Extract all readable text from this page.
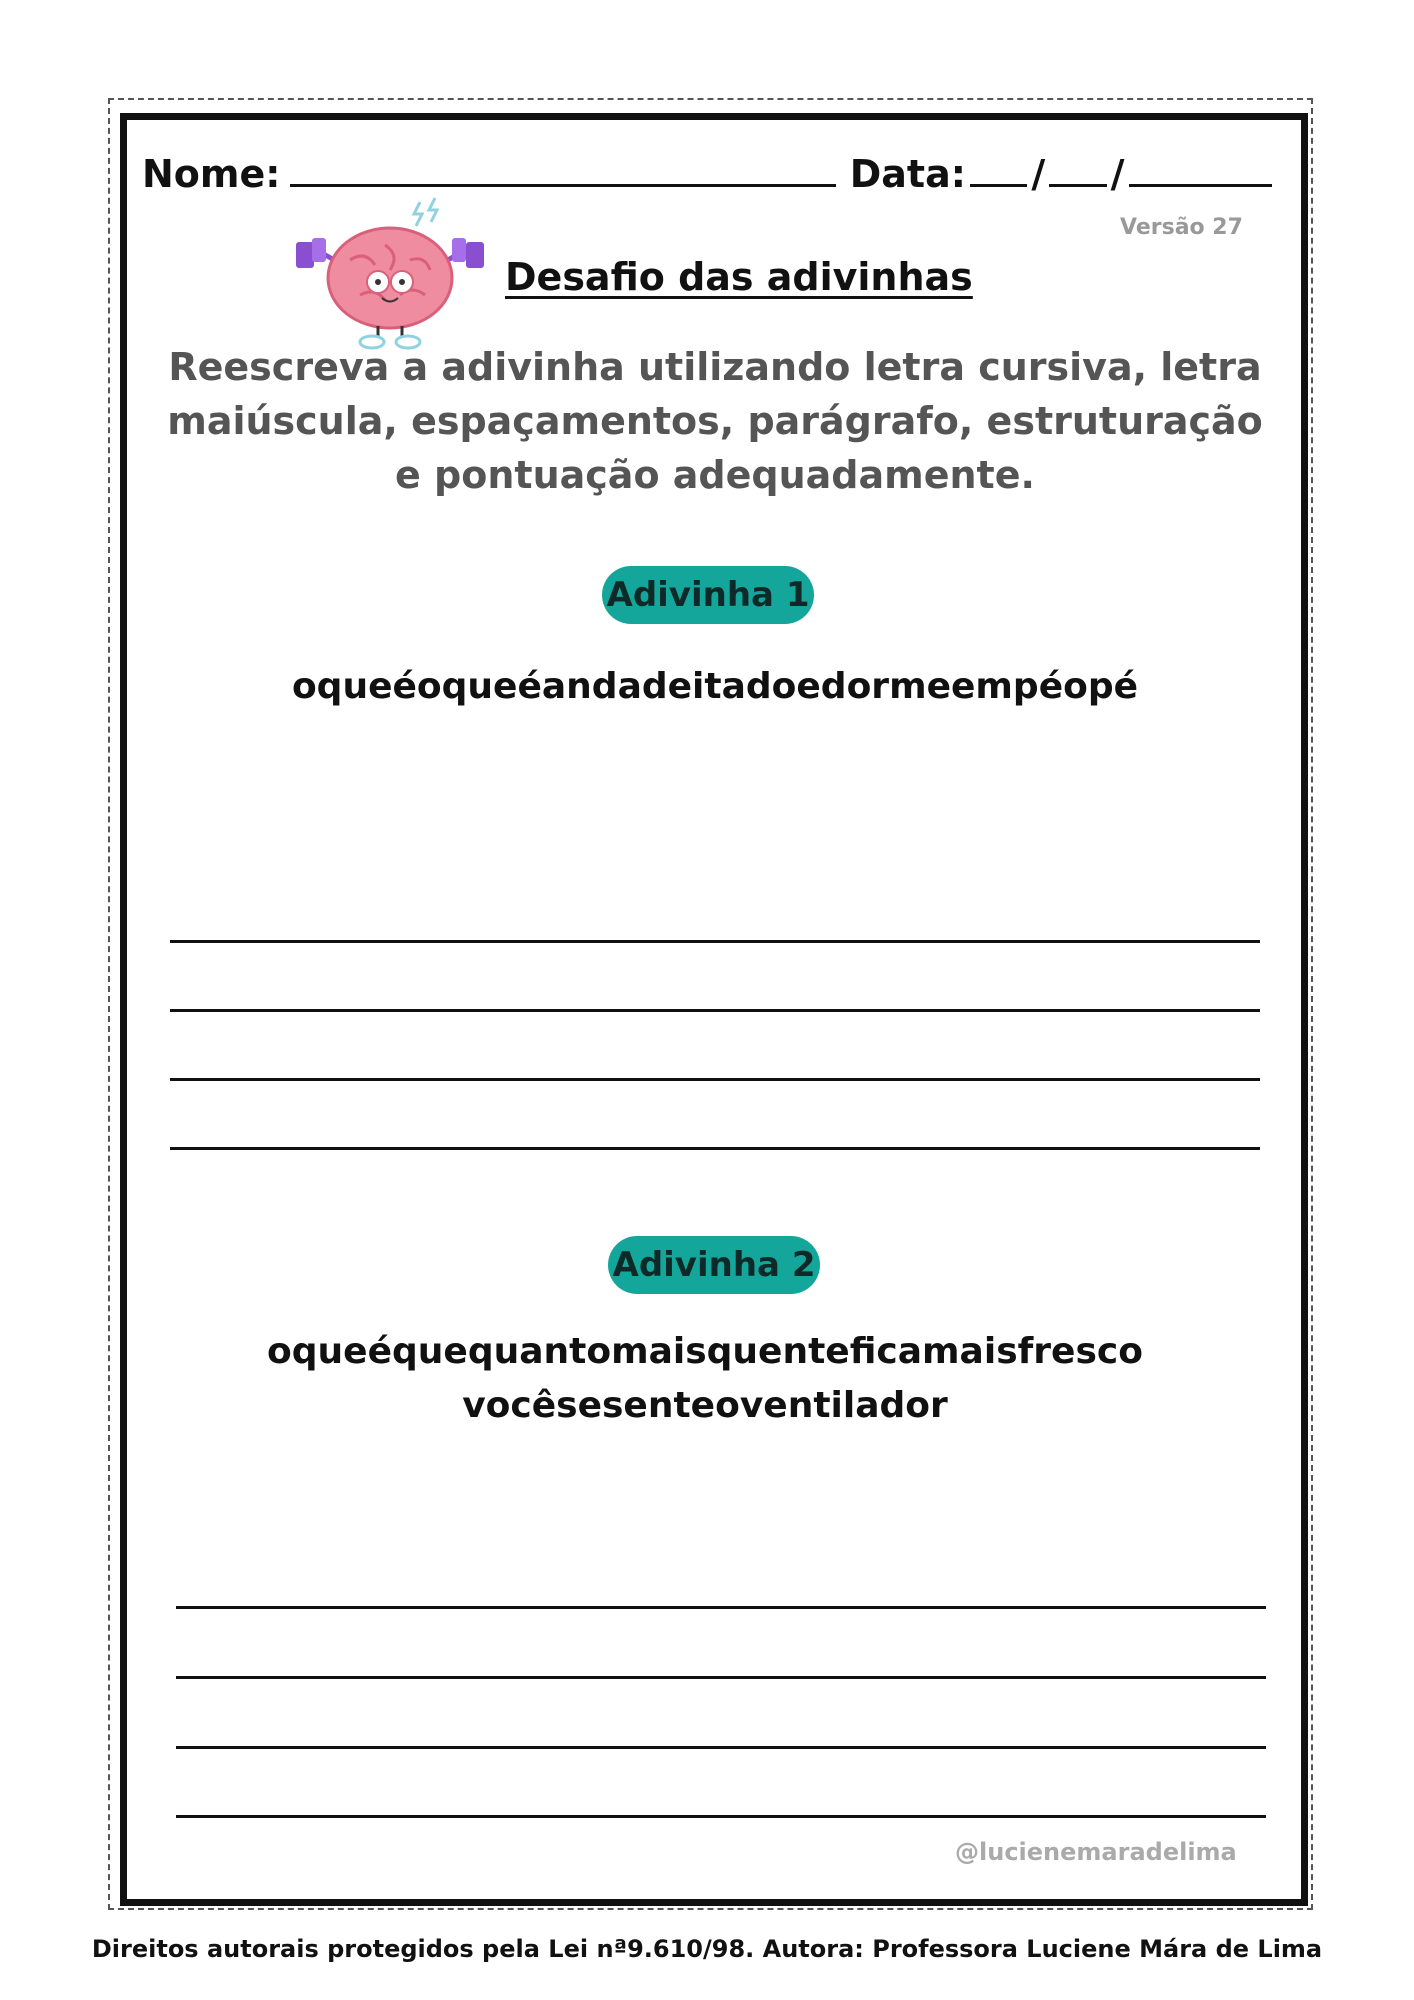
Nome:	Data: / /
Versão 27
Desafio das adivinhas
Reescreva a adivinha utilizando letra cursiva, letra maiúscula, espaçamentos, parágrafo, estruturação e pontuação adequadamente.
Adivinha 1
oqueéoqueéandadeitadoedormeempéopé
Adivinha 2
oqueéquequantomaisquenteficamaisfresco
vocêsesenteoventilador
@lucienemaradelima
Direitos autorais protegidos pela Lei nª9.610/98. Autora: Professora Luciene Mára de Lima
